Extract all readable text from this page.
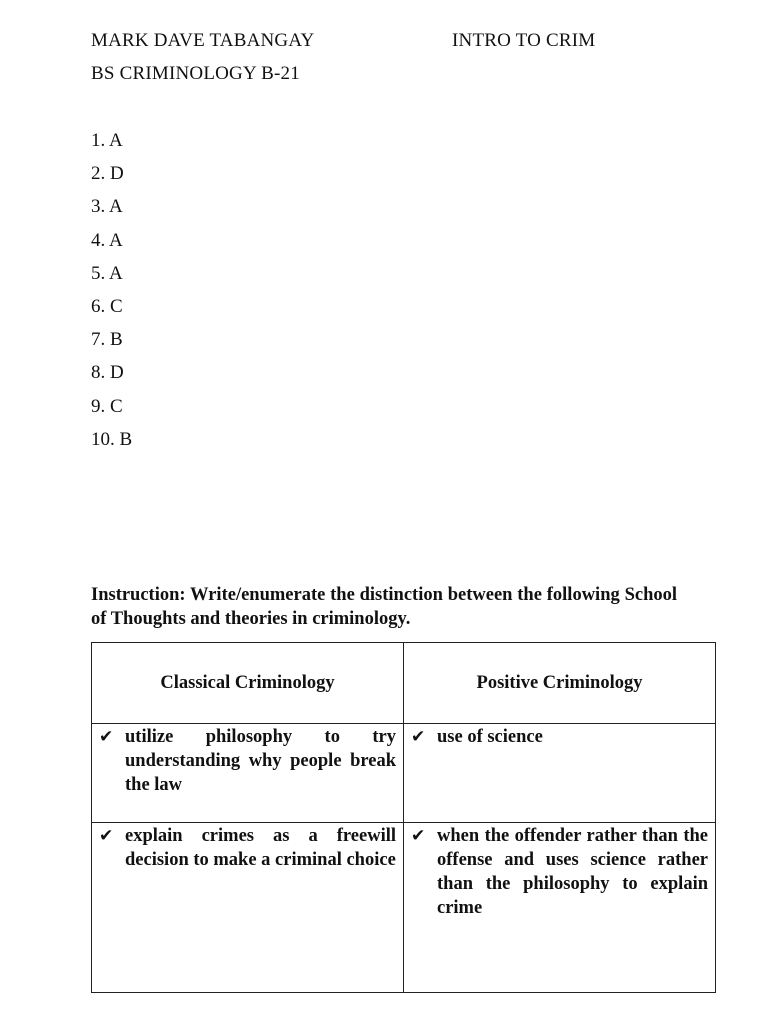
MARK DAVE TABANGAY	INTRO TO CRIM
BS CRIMINOLOGY B-21
1. A
2. D
3. A
4. A
5. A
6. C
7. B
8. D
9. C
10. B

Instruction: Write/enumerate the distinction between the following School of Thoughts and theories in criminology.

Classical Criminology	Positive Criminology

✔ utilize philosophy to try understanding why people break the law	✔ use of science

✔ explain crimes as a freewill decision to make a criminal choice	✔ when the offender rather than the offense and uses science rather than the philosophy to explain crime
